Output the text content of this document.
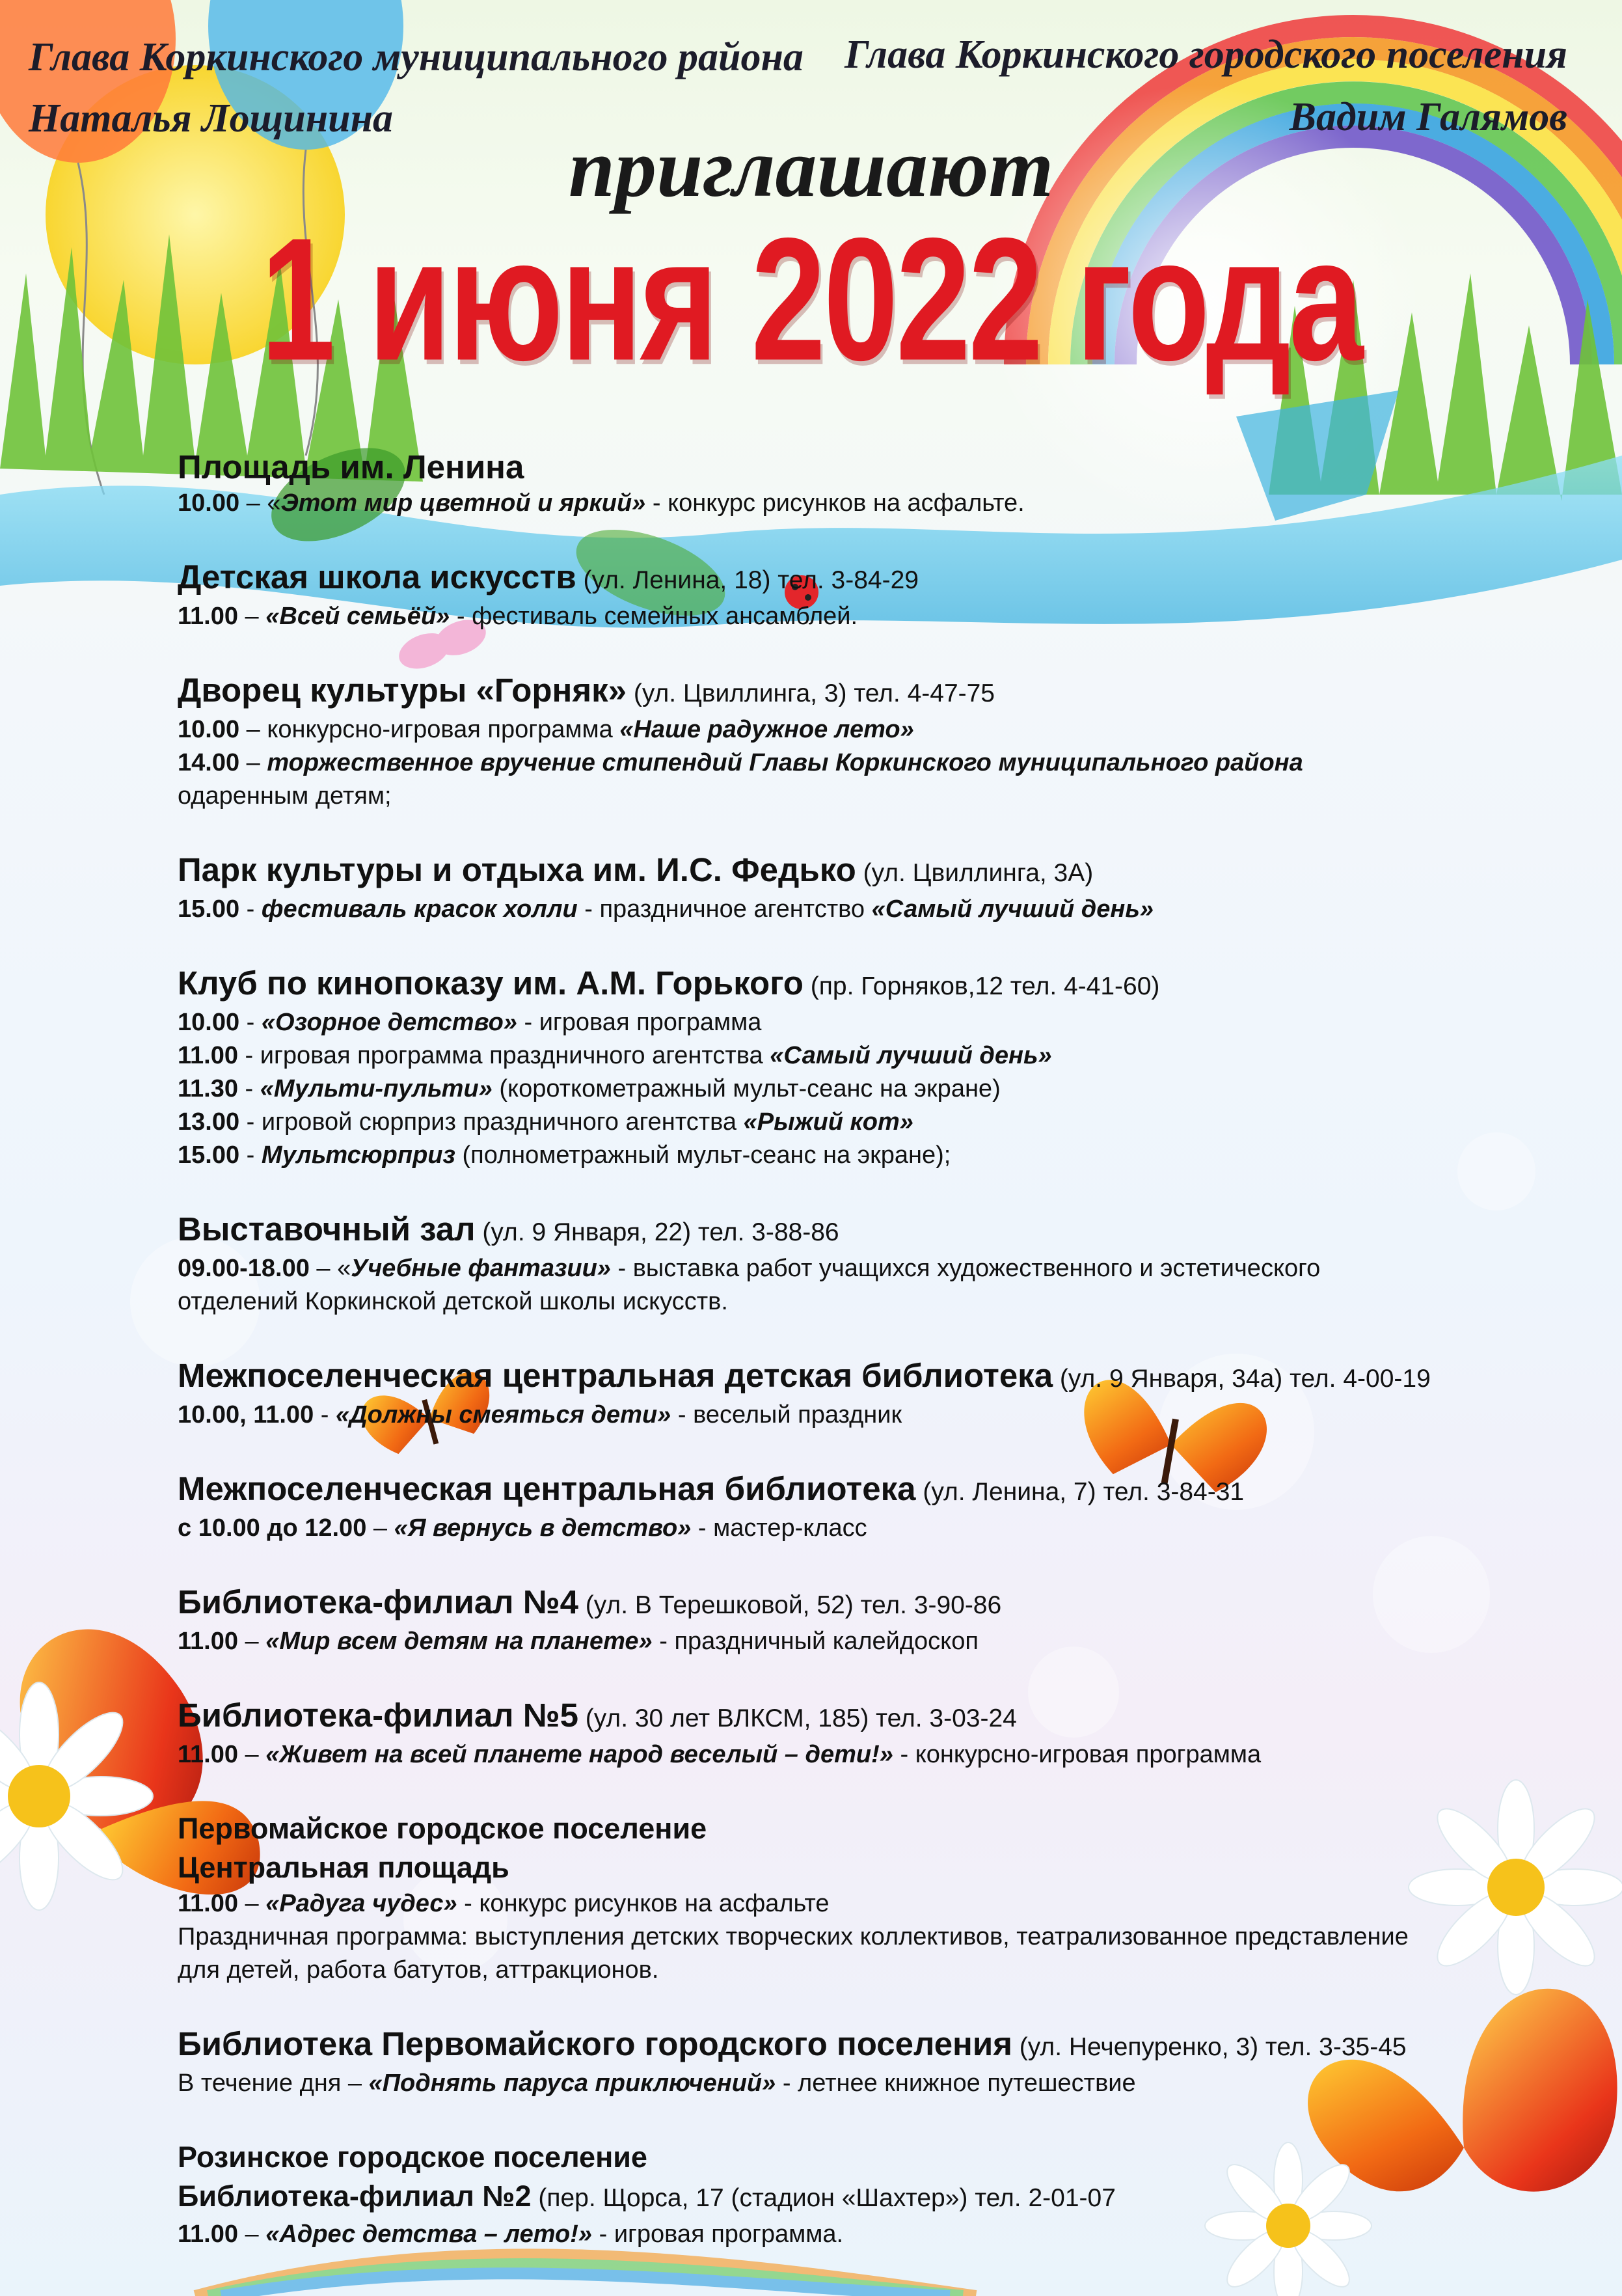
Глава Коркинского муниципального района
Наталья Лощинина
Глава Коркинского городского поселения
Вадим Галямов
приглашают
1 июня 2022 года
Площадь им. Ленина
10.00 – «Этот мир цветной и яркий» - конкурс рисунков на асфальте.
Детская школа искусств (ул. Ленина, 18) тел. 3-84-29
11.00 – «Всей семьёй» - фестиваль семейных ансамблей.
Дворец культуры «Горняк» (ул. Цвиллинга, 3) тел. 4-47-75
10.00 – конкурсно-игровая программа «Наше радужное лето»
14.00 – торжественное вручение стипендий Главы Коркинского муниципального района
одаренным детям;
Парк культуры и отдыха им. И.С. Федько (ул. Цвиллинга, 3А)
15.00 - фестиваль красок холли - праздничное агентство «Самый лучший день»
Клуб по кинопоказу им. А.М. Горького (пр. Горняков,12 тел. 4-41-60)
10.00 - «Озорное детство» - игровая программа
11.00 - игровая программа праздничного агентства «Самый лучший день»
11.30 - «Мульти-пульти» (короткометражный мульт-сеанс на экране)
13.00 - игровой сюрприз праздничного агентства «Рыжий кот»
15.00 - Мультсюрприз (полнометражный мульт-сеанс на экране);
Выставочный зал (ул. 9 Января, 22) тел. 3-88-86
09.00-18.00 – «Учебные фантазии» - выставка работ учащихся художественного и эстетического
отделений Коркинской детской школы искусств.
Межпоселенческая центральная детская библиотека (ул. 9 Января, 34а) тел. 4-00-19
10.00, 11.00 - «Должны смеяться дети» - веселый праздник
Межпоселенческая центральная библиотека (ул. Ленина, 7) тел. 3-84-31
с 10.00 до 12.00 – «Я вернусь в детство» - мастер-класс
Библиотека-филиал №4 (ул. В Терешковой, 52) тел. 3-90-86
11.00 – «Мир всем детям на планете» - праздничный калейдоскоп
Библиотека-филиал №5 (ул. 30 лет ВЛКСМ, 185) тел. 3-03-24
11.00 – «Живет на всей планете народ веселый – дети!» - конкурсно-игровая программа
Первомайское городское поселение
Центральная площадь
11.00 – «Радуга чудес» - конкурс рисунков на асфальте
Праздничная программа: выступления детских творческих коллективов, театрализованное представление
для детей, работа батутов, аттракционов.
Библиотека Первомайского городского поселения (ул. Нечепуренко, 3) тел. 3-35-45
В течение дня – «Поднять паруса приключений» - летнее книжное путешествие
Розинское городское поселение
Библиотека-филиал №2 (пер. Щорса, 17 (стадион «Шахтер») тел. 2-01-07
11.00 – «Адрес детства – лето!» - игровая программа.
